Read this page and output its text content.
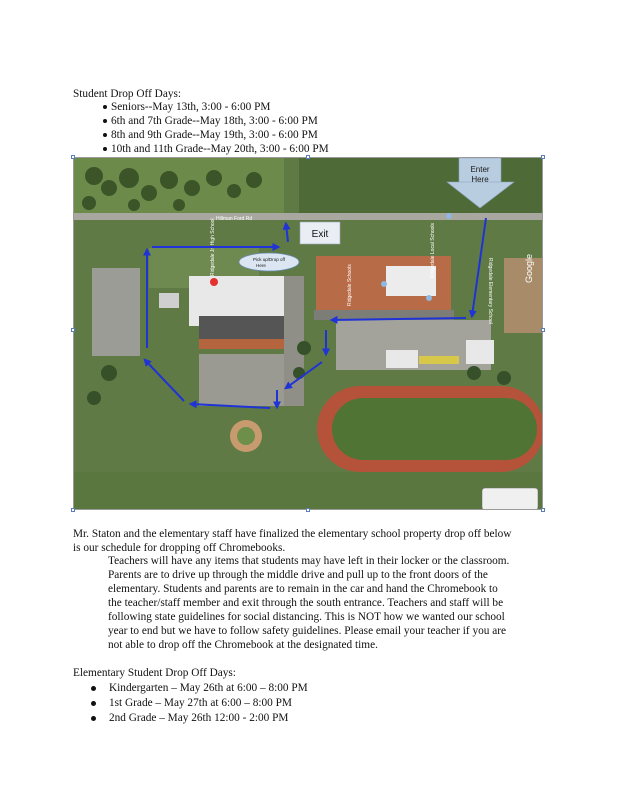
Student Drop Off Days:
Seniors--May 13th, 3:00 - 6:00 PM
6th and 7th Grade--May 18th, 3:00 - 6:00 PM
8th and 9th Grade--May 19th, 3:00 - 6:00 PM
10th and 11th Grade--May 20th, 3:00 - 6:00 PM
Hillman Ford Rd
Enter
Here
Exit
Pick up/Drop off
Here
Ridgedale Jr. High School
Ridgedale Schools
Ridgedale Local Schools
Ridgedale Elementary School	Google
Mr. Staton and the elementary staff have finalized the elementary school property drop off below
is our schedule for dropping off Chromebooks.
Teachers will have any items that students may have left in their locker or the classroom.
Parents are to drive up through the middle drive and pull up to the front doors of the
elementary. Students and parents are to remain in the car and hand the Chromebook to
the teacher/staff member and exit through the south entrance. Teachers and staff will be
following state guidelines for social distancing. This is NOT how we wanted our school
year to end but we have to follow safety guidelines. Please email your teacher if you are
not able to drop off the Chromebook at the designated time.
Elementary Student Drop Off Days:
Kindergarten – May 26th at 6:00 – 8:00 PM
1st Grade – May 27th at 6:00 – 8:00 PM
2nd Grade – May 26th 12:00 - 2:00 PM
